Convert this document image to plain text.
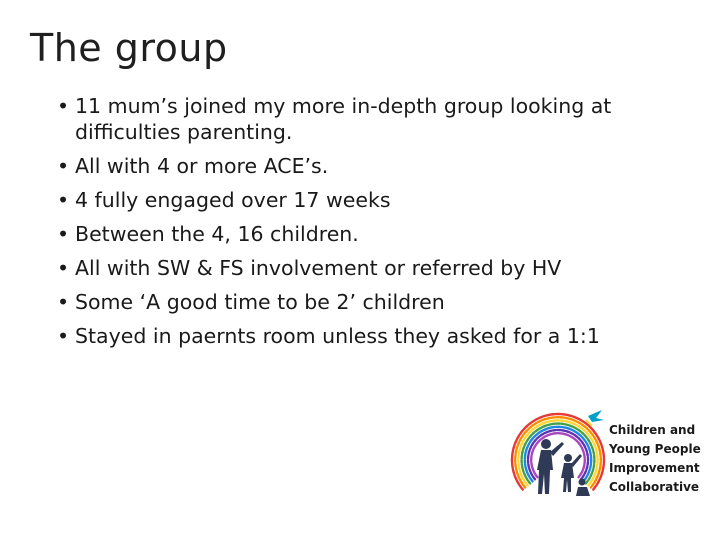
The group
• 11 mum’s joined my more in-depth group looking at difficulties parenting.
• All with 4 or more ACE’s.
• 4 fully engaged over 17 weeks
• Between the 4, 16 children.
• All with SW & FS involvement or referred by HV
• Some ‘A good time to be 2’ children
• Stayed in paernts room unless they asked for a 1:1
Children and
Young People
Improvement
Collaborative
